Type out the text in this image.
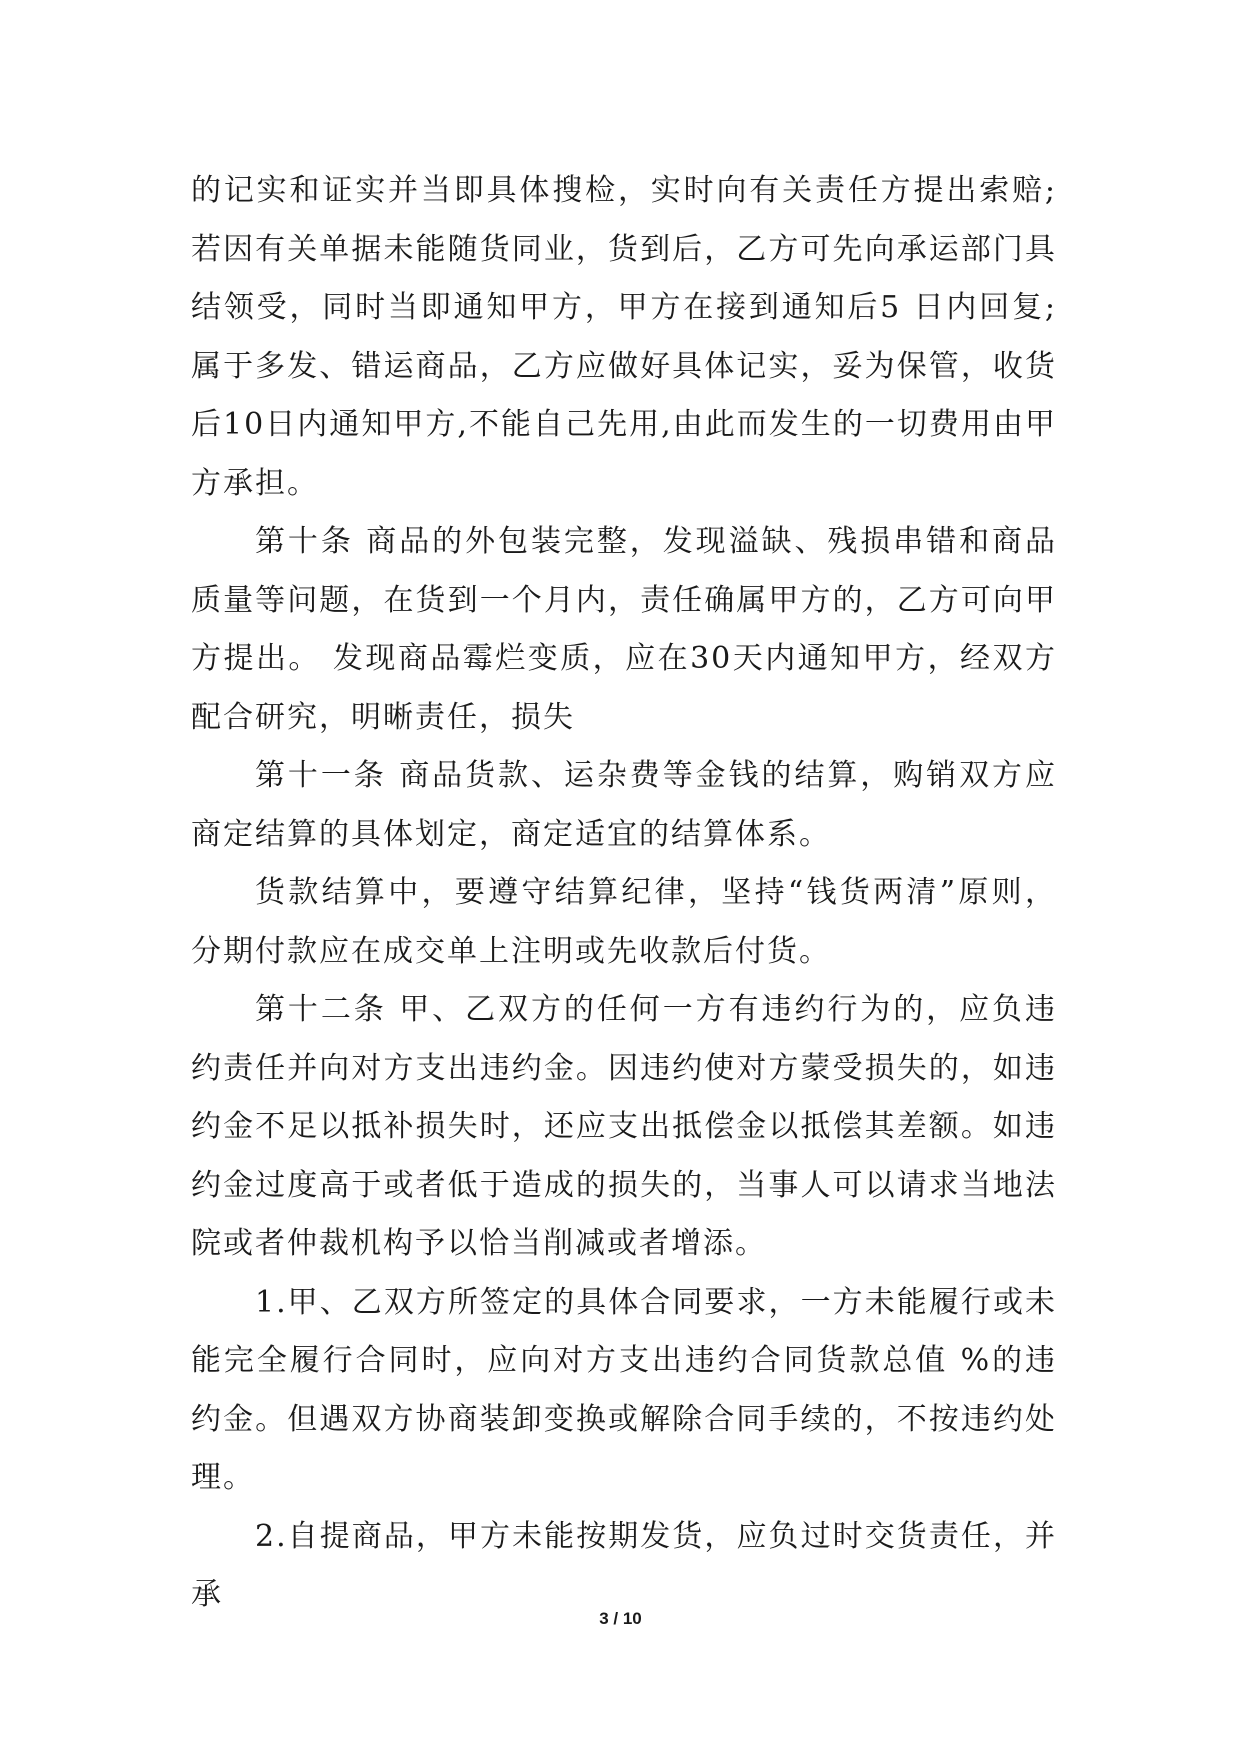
的记实和证实并当即具体搜检，实时向有关责任方提出索赔;若因有关单据未能随货同业，货到后，乙方可先向承运部门具结领受，同时当即通知甲方，甲方在接到通知后5 日内回复;属于多发、错运商品，乙方应做好具体记实，妥为保管，收货后10日内通知甲方,不能自己先用,由此而发生的一切费用由甲方承担。

第十条 商品的外包装完整，发现溢缺、残损串错和商品质量等问题，在货到一个月内，责任确属甲方的，乙方可向甲方提出。 发现商品霉烂变质，应在30天内通知甲方，经双方配合研究，明晰责任，损失

第十一条 商品货款、运杂费等金钱的结算，购销双方应商定结算的具体划定，商定适宜的结算体系。

货款结算中，要遵守结算纪律，坚持“钱货两清”原则，分期付款应在成交单上注明或先收款后付货。

第十二条 甲、乙双方的任何一方有违约行为的，应负违约责任并向对方支出违约金。因违约使对方蒙受损失的，如违约金不足以抵补损失时，还应支出抵偿金以抵偿其差额。如违约金过度高于或者低于造成的损失的，当事人可以请求当地法院或者仲裁机构予以恰当削减或者增添。

1.甲、乙双方所签定的具体合同要求，一方未能履行或未能完全履行合同时，应向对方支出违约合同货款总值 %的违约金。但遇双方协商装卸变换或解除合同手续的，不按违约处理。

2.自提商品，甲方未能按期发货，应负过时交货责任，并承

3 / 10
